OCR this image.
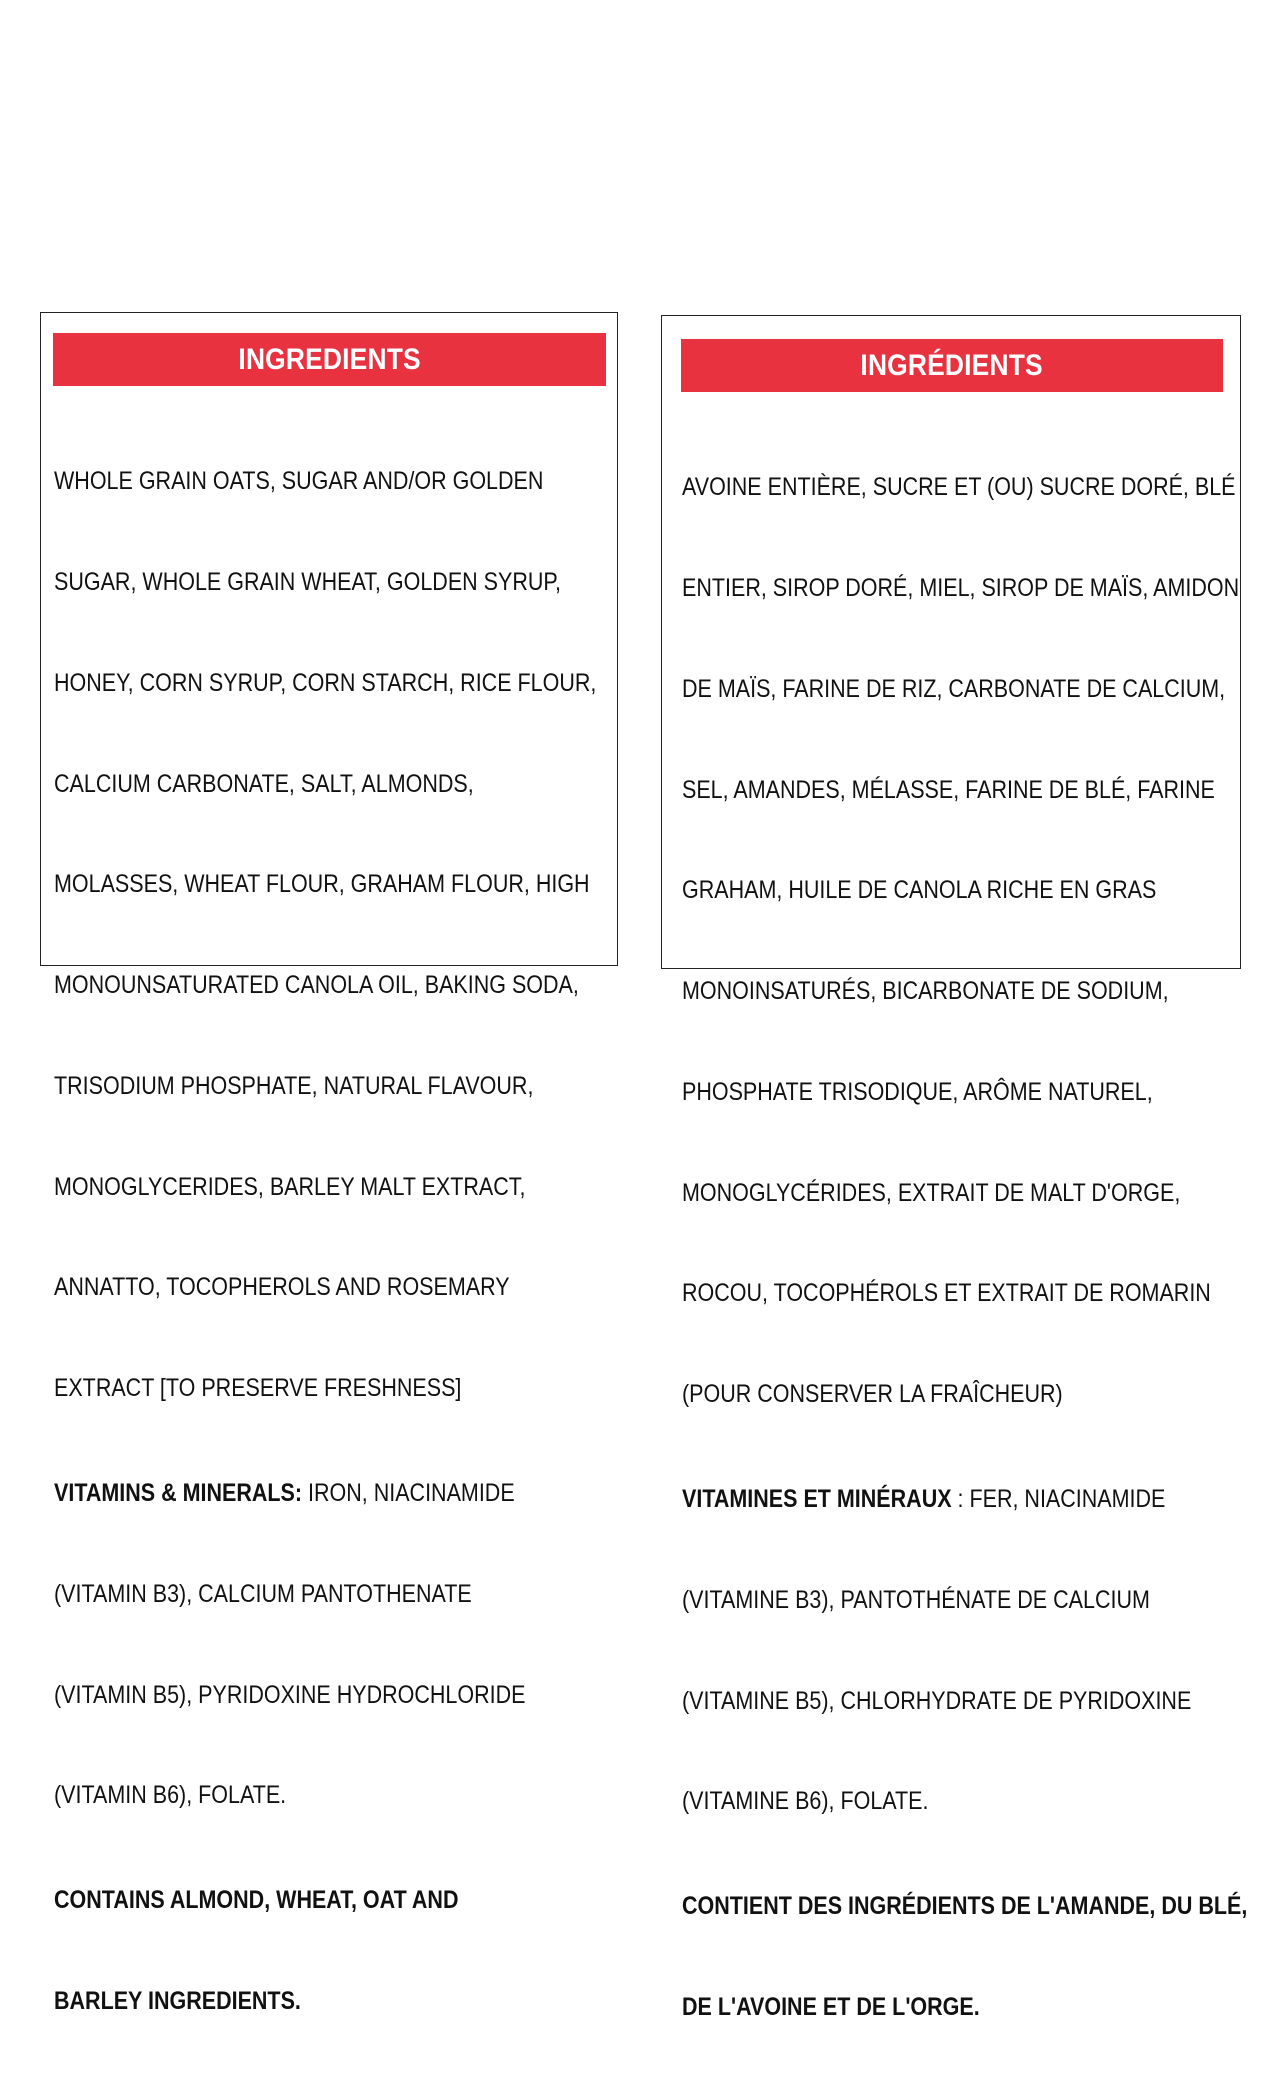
INGREDIENTS

WHOLE GRAIN OATS, SUGAR AND/OR GOLDEN

SUGAR, WHOLE GRAIN WHEAT, GOLDEN SYRUP,

HONEY, CORN SYRUP, CORN STARCH, RICE FLOUR,

CALCIUM CARBONATE, SALT, ALMONDS,

MOLASSES, WHEAT FLOUR, GRAHAM FLOUR, HIGH

MONOUNSATURATED CANOLA OIL, BAKING SODA,

TRISODIUM PHOSPHATE, NATURAL FLAVOUR,

MONOGLYCERIDES, BARLEY MALT EXTRACT,

ANNATTO, TOCOPHEROLS AND ROSEMARY

EXTRACT [TO PRESERVE FRESHNESS]

VITAMINS & MINERALS: IRON, NIACINAMIDE

(VITAMIN B3), CALCIUM PANTOTHENATE

(VITAMIN B5), PYRIDOXINE HYDROCHLORIDE

(VITAMIN B6), FOLATE.

CONTAINS ALMOND, WHEAT, OAT AND

BARLEY INGREDIENTS.

INGRÉDIENTS

AVOINE ENTIÈRE, SUCRE ET (OU) SUCRE DORÉ, BLÉ

ENTIER, SIROP DORÉ, MIEL, SIROP DE MAÏS, AMIDON

DE MAÏS, FARINE DE RIZ, CARBONATE DE CALCIUM,

SEL, AMANDES, MÉLASSE, FARINE DE BLÉ, FARINE

GRAHAM, HUILE DE CANOLA RICHE EN GRAS

MONOINSATURÉS, BICARBONATE DE SODIUM,

PHOSPHATE TRISODIQUE, ARÔME NATUREL,

MONOGLYCÉRIDES, EXTRAIT DE MALT D'ORGE,

ROCOU, TOCOPHÉROLS ET EXTRAIT DE ROMARIN

(POUR CONSERVER LA FRAÎCHEUR)

VITAMINES ET MINÉRAUX : FER, NIACINAMIDE

(VITAMINE B3), PANTOTHÉNATE DE CALCIUM

(VITAMINE B5), CHLORHYDRATE DE PYRIDOXINE

(VITAMINE B6), FOLATE.

CONTIENT DES INGRÉDIENTS DE L'AMANDE, DU BLÉ,

DE L'AVOINE ET DE L'ORGE.
